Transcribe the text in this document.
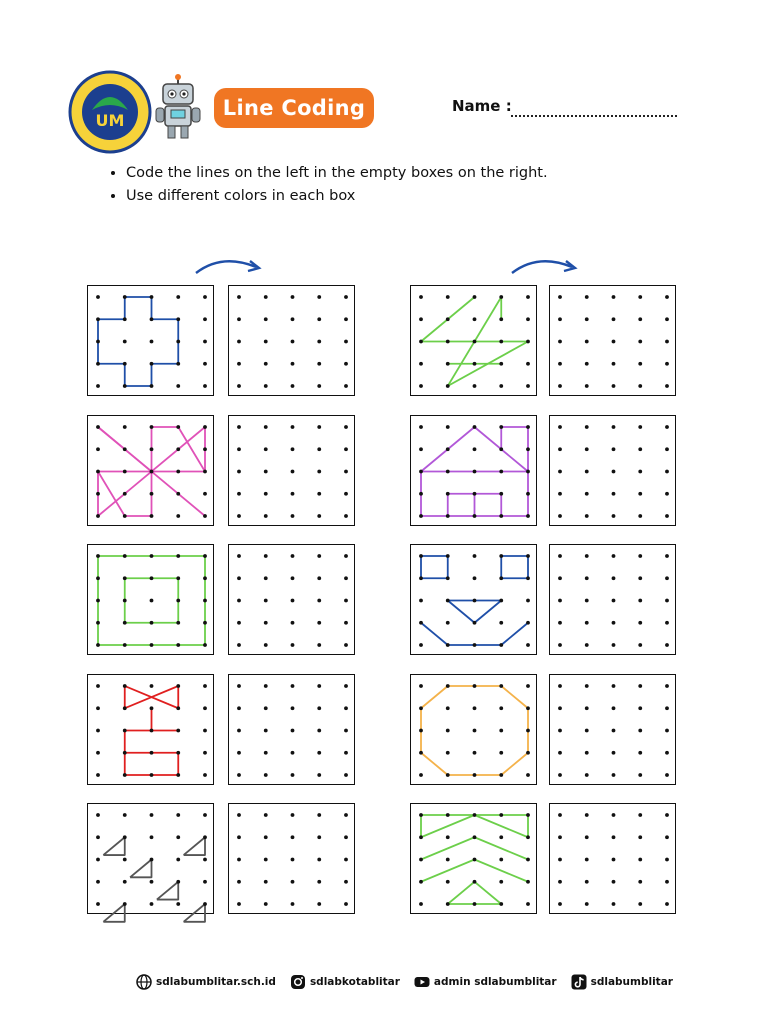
UM
Line Coding	Name :
• Code the lines on the left in the empty boxes on the right.
• Use different colors in each box
sdlabumblitar.sch.id	sdlabkotablitar	admin sdlabumblitar	sdlabumblitar
